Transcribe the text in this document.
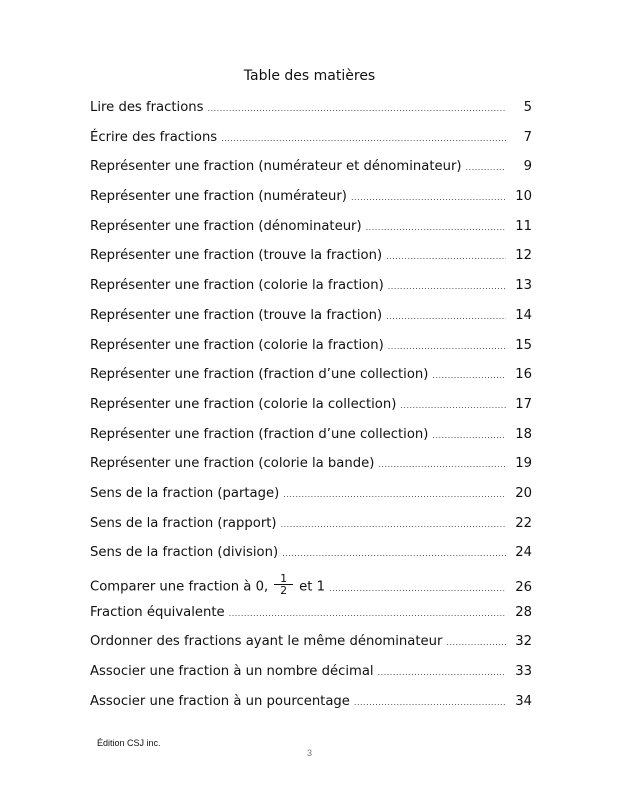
Table des matières
Lire des fractions .....	5
Écrire des fractions .....	7
Représenter une fraction (numérateur et dénominateur) .....	9
Représenter une fraction (numérateur) .....	10
Représenter une fraction (dénominateur) .....	11
Représenter une fraction (trouve la fraction) .....	12
Représenter une fraction (colorie la fraction) .....	13
Représenter une fraction (trouve la fraction) .....	14
Représenter une fraction (colorie la fraction) .....	15
Représenter une fraction (fraction d’une collection) .....	16
Représenter une fraction (colorie la collection) .....	17
Représenter une fraction (fraction d’une collection) .....	18
Représenter une fraction (colorie la bande) .....	19
Sens de la fraction (partage) .....	20
Sens de la fraction (rapport) .....	22
Sens de la fraction (division) .....	24
Comparer une fraction à 0, $\frac{1}{2}$ et 1 .....	26
Fraction équivalente .....	28
Ordonner des fractions ayant le même dénominateur .....	32
Associer une fraction à un nombre décimal .....	33
Associer une fraction à un pourcentage .....	34
Édition CSJ inc.
3
